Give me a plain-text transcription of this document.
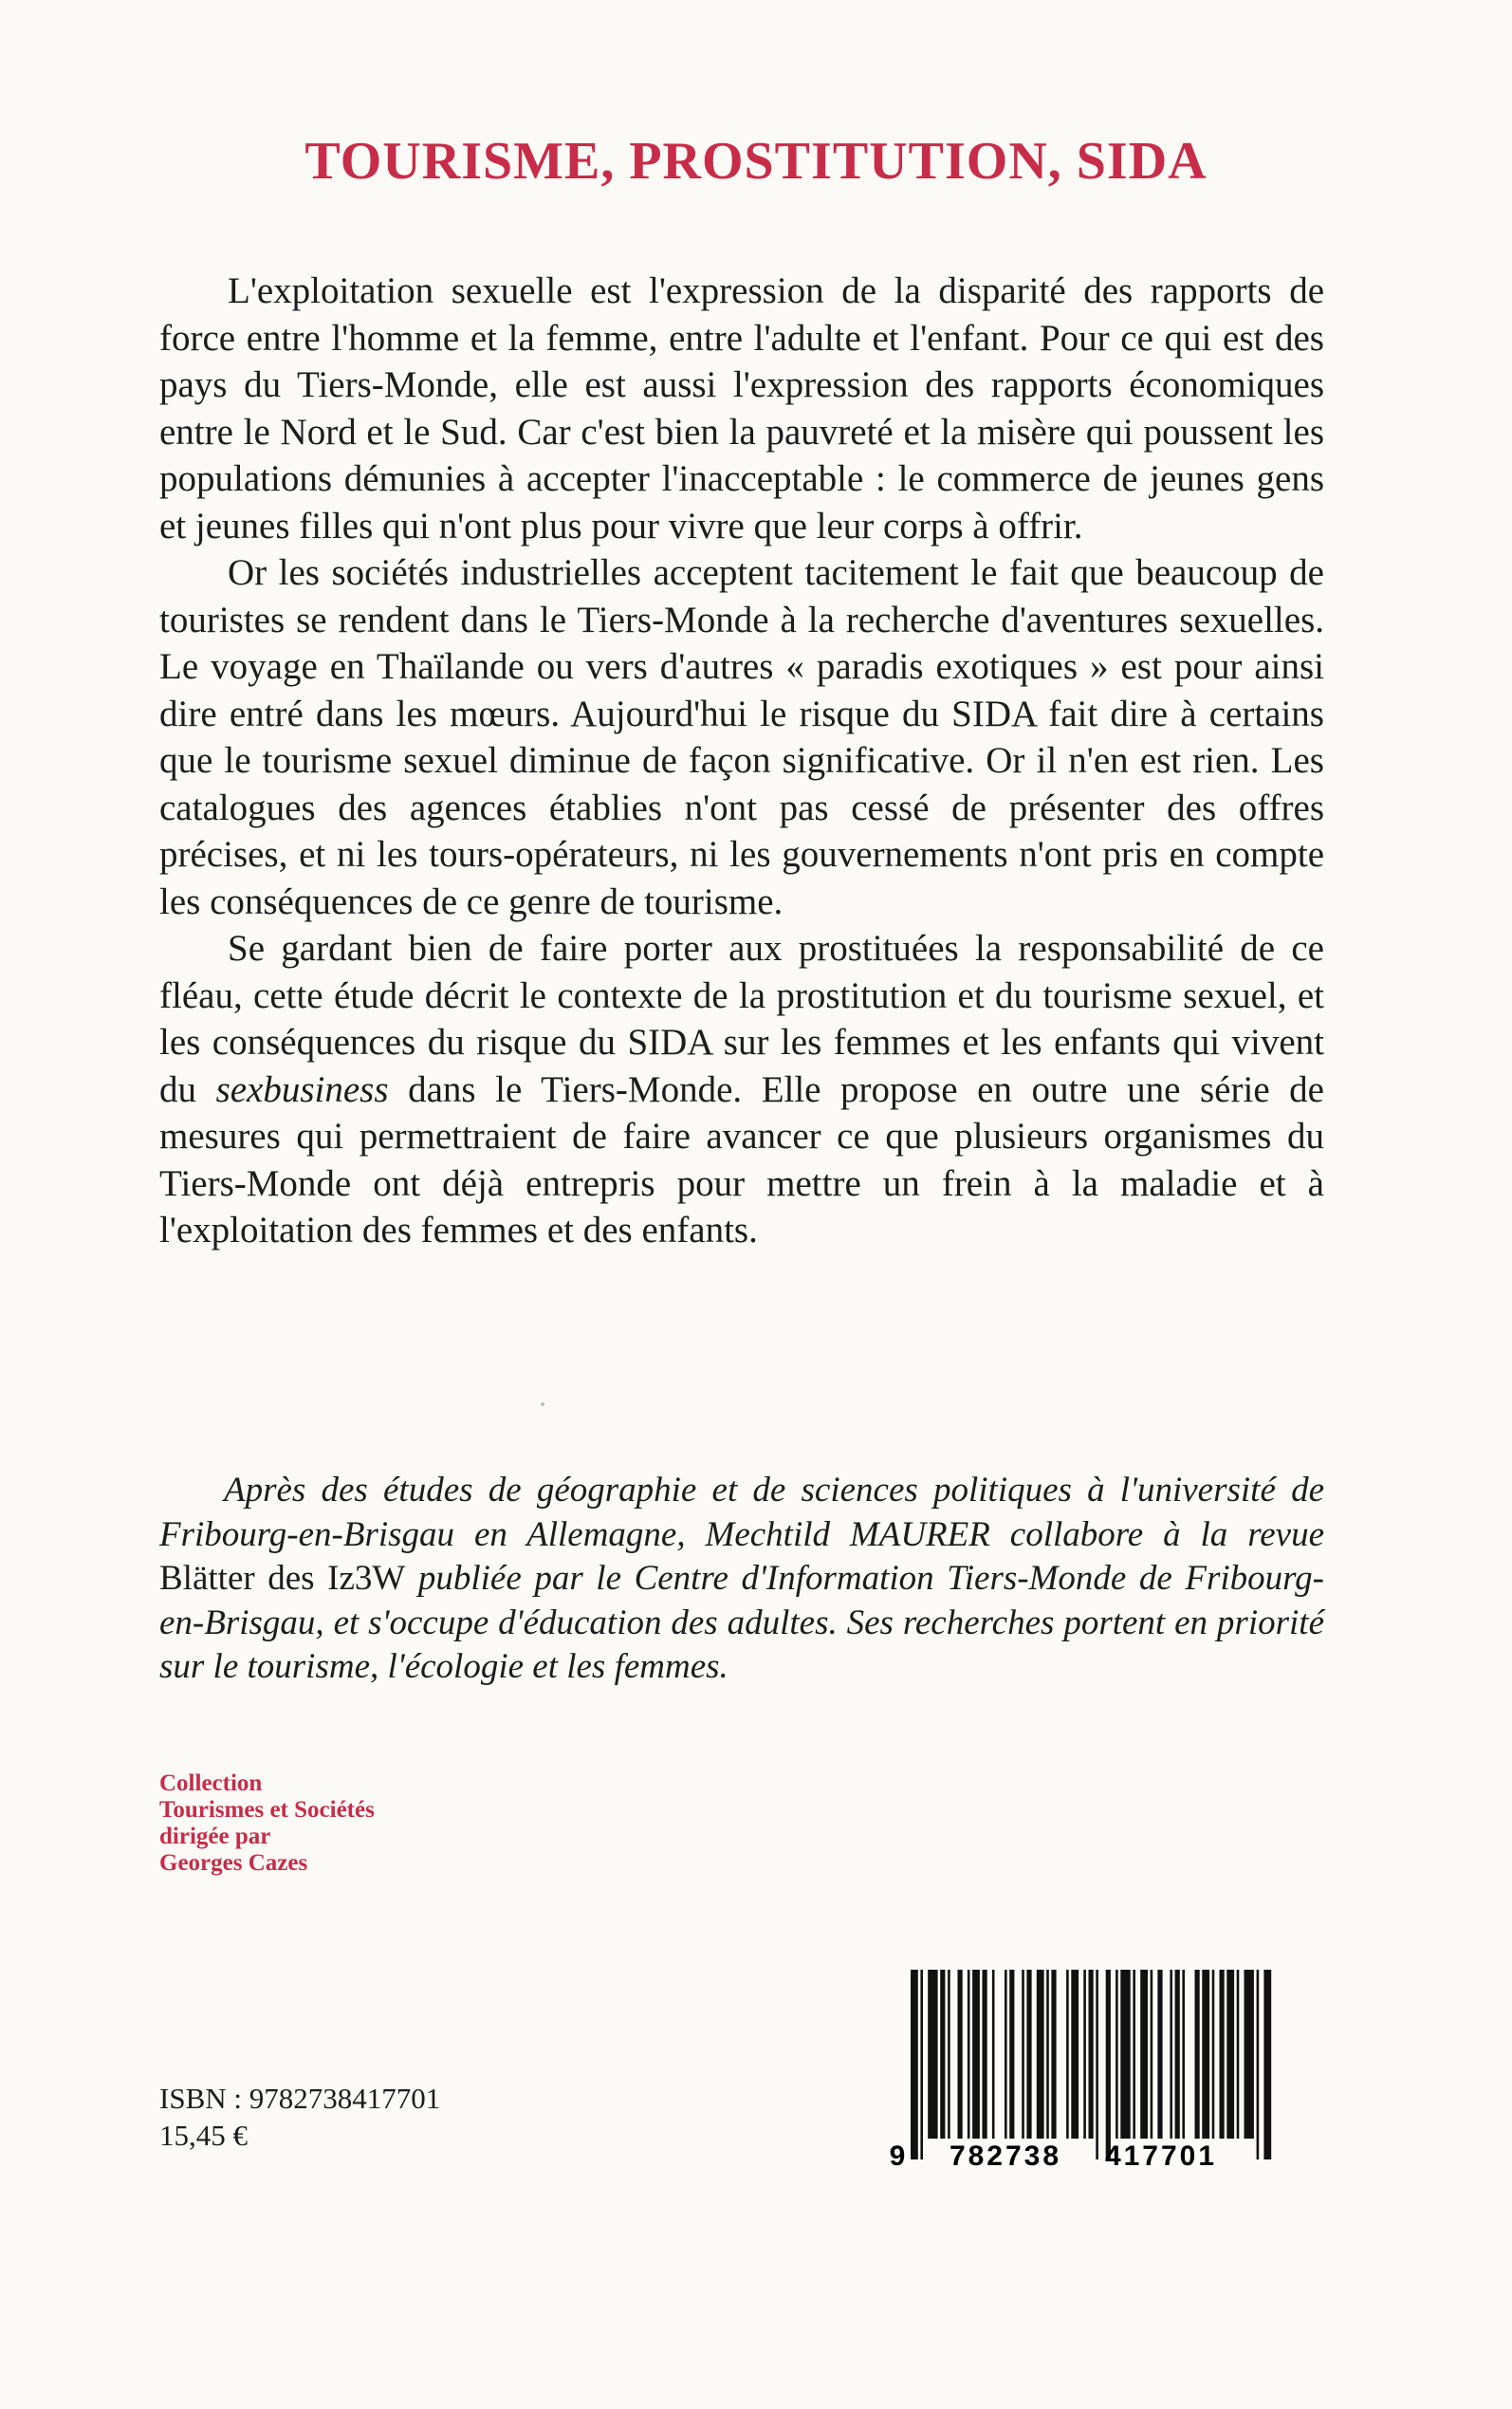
TOURISME, PROSTITUTION, SIDA

L'exploitation sexuelle est l'expression de la disparité des rapports de force entre l'homme et la femme, entre l'adulte et l'enfant. Pour ce qui est des pays du Tiers-Monde, elle est aussi l'expression des rapports économiques entre le Nord et le Sud. Car c'est bien la pauvreté et la misère qui poussent les populations démunies à accepter l'inacceptable : le commerce de jeunes gens et jeunes filles qui n'ont plus pour vivre que leur corps à offrir.

Or les sociétés industrielles acceptent tacitement le fait que beaucoup de touristes se rendent dans le Tiers-Monde à la recherche d'aventures sexuelles. Le voyage en Thaïlande ou vers d'autres « paradis exotiques » est pour ainsi dire entré dans les mœurs. Aujourd'hui le risque du SIDA fait dire à certains que le tourisme sexuel diminue de façon significative. Or il n'en est rien. Les catalogues des agences établies n'ont pas cessé de présenter des offres précises, et ni les tours-opérateurs, ni les gouvernements n'ont pris en compte les conséquences de ce genre de tourisme.

Se gardant bien de faire porter aux prostituées la responsabilité de ce fléau, cette étude décrit le contexte de la prostitution et du tourisme sexuel, et les conséquences du risque du SIDA sur les femmes et les enfants qui vivent du sexbusiness dans le Tiers-Monde. Elle propose en outre une série de mesures qui permettraient de faire avancer ce que plusieurs organismes du Tiers-Monde ont déjà entrepris pour mettre un frein à la maladie et à l'exploitation des femmes et des enfants.

Après des études de géographie et de sciences politiques à l'université de Fribourg-en-Brisgau en Allemagne, Mechtild MAURER collabore à la revue Blätter des Iz3W publiée par le Centre d'Information Tiers-Monde de Fribourg-en-Brisgau, et s'occupe d'éducation des adultes. Ses recherches portent en priorité sur le tourisme, l'écologie et les femmes.

Collection
Tourismes et Sociétés
dirigée par
Georges Cazes
ISBN : 9782738417701
15,45 €
9 782738 417701
